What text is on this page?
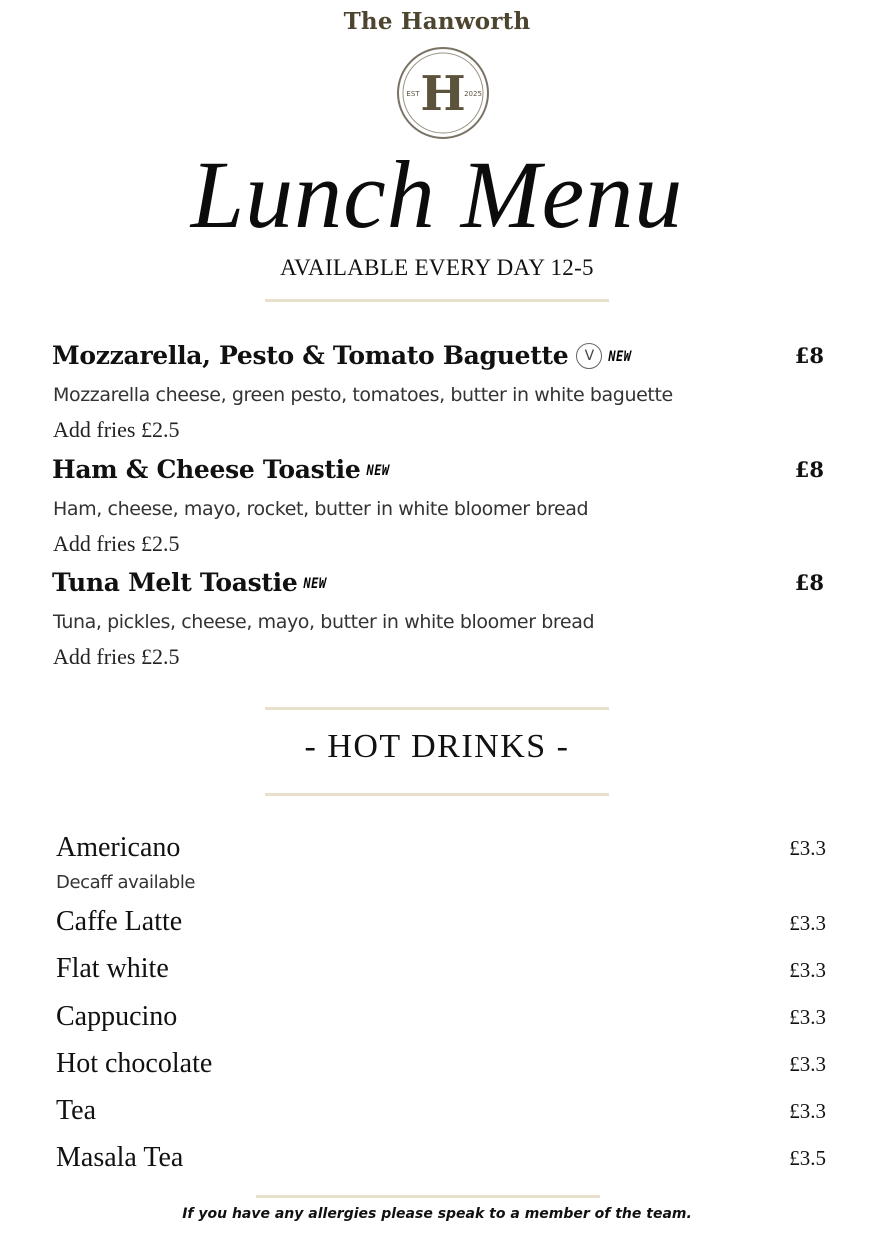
The Hanworth
H
EST	2025
Lunch Menu
AVAILABLE EVERY DAY 12-5
Mozzarella, Pesto & Tomato Baguette	V	NEW	£8
Mozzarella cheese, green pesto, tomatoes, butter in white baguette
Add fries £2.5
Ham & Cheese Toastie NEW	£8
Ham, cheese, mayo, rocket, butter in white bloomer bread
Add fries £2.5
Tuna Melt Toastie NEW	£8
Tuna, pickles, cheese, mayo, butter in white bloomer bread
Add fries £2.5
- HOT DRINKS -
Americano	£3.3
Decaff available
Caffe Latte	£3.3
Flat white	£3.3
Cappucino	£3.3
Hot chocolate	£3.3
Tea	£3.3
Masala Tea	£3.5
If you have any allergies please speak to a member of the team.
